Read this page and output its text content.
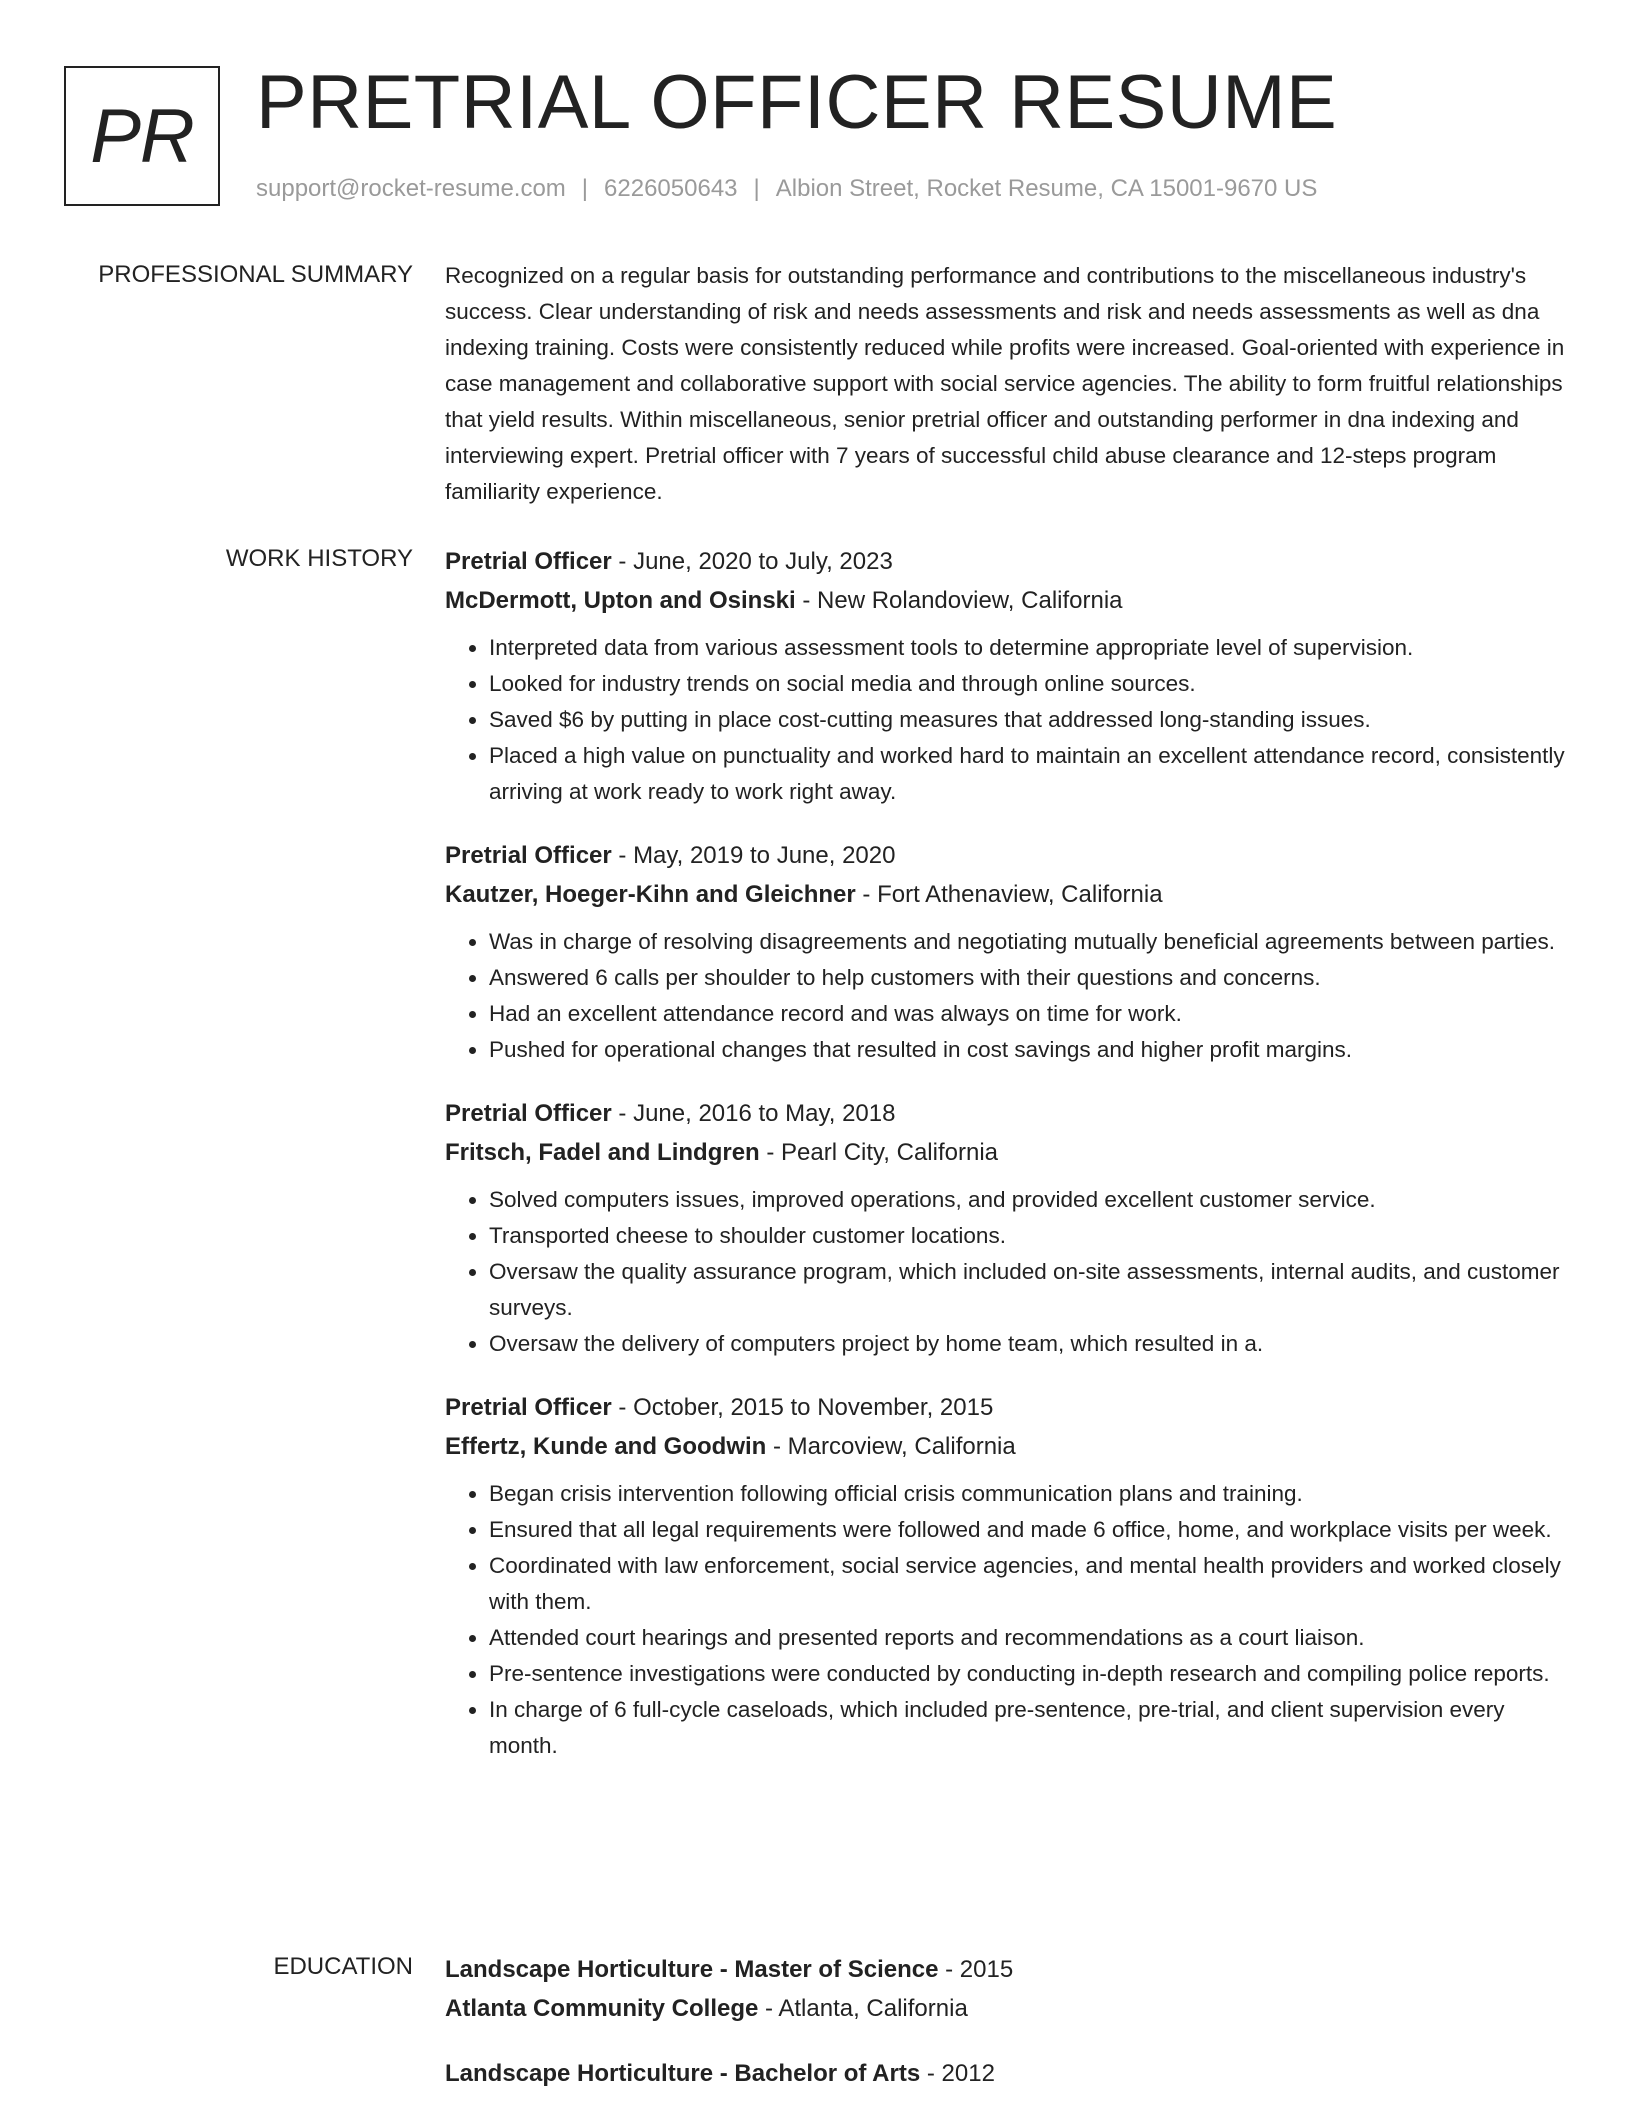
PR PRETRIAL OFFICER RESUME
support@rocket-resume.com | 6226050643 | Albion Street, Rocket Resume, CA 15001-9670 US
PROFESSIONAL SUMMARY Recognized on a regular basis for outstanding performance and contributions to the miscellaneous industry's success. Clear understanding of risk and needs assessments and risk and needs assessments as well as dna indexing training. Costs were consistently reduced while profits were increased. Goal-oriented with experience in case management and collaborative support with social service agencies. The ability to form fruitful relationships that yield results. Within miscellaneous, senior pretrial officer and outstanding performer in dna indexing and interviewing expert. Pretrial officer with 7 years of successful child abuse clearance and 12-steps program familiarity experience.

WORK HISTORY Pretrial Officer - June, 2020 to July, 2023
McDermott, Upton and Osinski - New Rolandoview, California
• Interpreted data from various assessment tools to determine appropriate level of supervision.
• Looked for industry trends on social media and through online sources.
• Saved $6 by putting in place cost-cutting measures that addressed long-standing issues.
• Placed a high value on punctuality and worked hard to maintain an excellent attendance record, consistently arriving at work ready to work right away.
Pretrial Officer - May, 2019 to June, 2020
Kautzer, Hoeger-Kihn and Gleichner - Fort Athenaview, California
• Was in charge of resolving disagreements and negotiating mutually beneficial agreements between parties.
• Answered 6 calls per shoulder to help customers with their questions and concerns.
• Had an excellent attendance record and was always on time for work.
• Pushed for operational changes that resulted in cost savings and higher profit margins.
Pretrial Officer - June, 2016 to May, 2018
Fritsch, Fadel and Lindgren - Pearl City, California
• Solved computers issues, improved operations, and provided excellent customer service.
• Transported cheese to shoulder customer locations.
• Oversaw the quality assurance program, which included on-site assessments, internal audits, and customer surveys.
• Oversaw the delivery of computers project by home team, which resulted in a.
Pretrial Officer - October, 2015 to November, 2015
Effertz, Kunde and Goodwin - Marcoview, California
• Began crisis intervention following official crisis communication plans and training.
• Ensured that all legal requirements were followed and made 6 office, home, and workplace visits per week.
• Coordinated with law enforcement, social service agencies, and mental health providers and worked closely with them.
• Attended court hearings and presented reports and recommendations as a court liaison.
• Pre-sentence investigations were conducted by conducting in-depth research and compiling police reports.
• In charge of 6 full-cycle caseloads, which included pre-sentence, pre-trial, and client supervision every month.
EDUCATION Landscape Horticulture - Master of Science - 2015
Atlanta Community College - Atlanta, California
Landscape Horticulture - Bachelor of Arts - 2012
